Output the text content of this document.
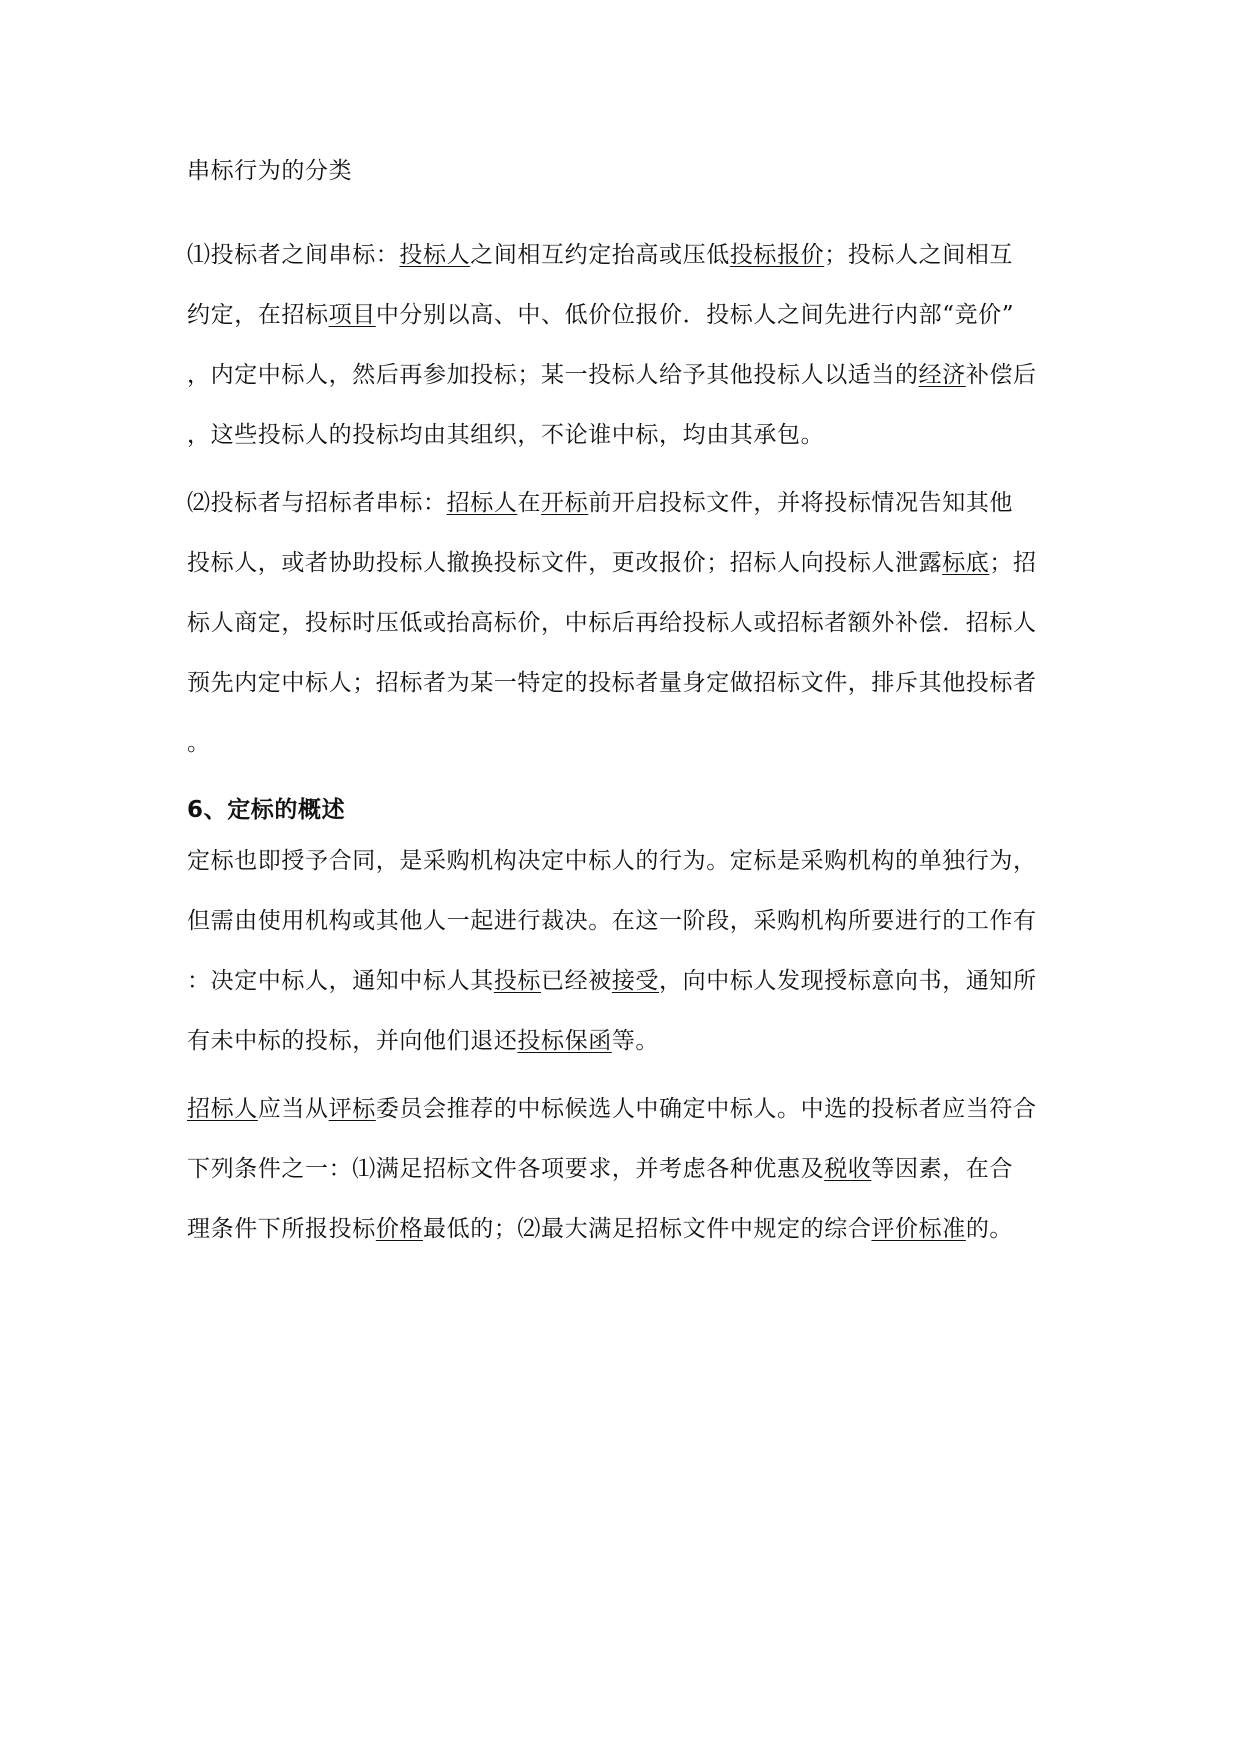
串标行为的分类

⑴投标者之间串标：投标人之间相互约定抬高或压低投标报价；投标人之间相互

约定，在招标项目中分别以高、中、低价位报价．投标人之间先进行内部“竞价”

，内定中标人，然后再参加投标；某一投标人给予其他投标人以适当的经济补偿后

，这些投标人的投标均由其组织，不论谁中标，均由其承包。

⑵投标者与招标者串标：招标人在开标前开启投标文件，并将投标情况告知其他

投标人，或者协助投标人撤换投标文件，更改报价；招标人向投标人泄露标底；招

标人商定，投标时压低或抬高标价，中标后再给投标人或招标者额外补偿．招标人

预先内定中标人；招标者为某一特定的投标者量身定做招标文件，排斥其他投标者

。

6、定标的概述

定标也即授予合同，是采购机构决定中标人的行为。定标是采购机构的单独行为，

但需由使用机构或其他人一起进行裁决。在这一阶段，采购机构所要进行的工作有

：决定中标人，通知中标人其投标已经被接受，向中标人发现授标意向书，通知所

有未中标的投标，并向他们退还投标保函等。

招标人应当从评标委员会推荐的中标候选人中确定中标人。中选的投标者应当符合

下列条件之一：⑴满足招标文件各项要求，并考虑各种优惠及税收等因素，在合

理条件下所报投标价格最低的；⑵最大满足招标文件中规定的综合评价标准的。
